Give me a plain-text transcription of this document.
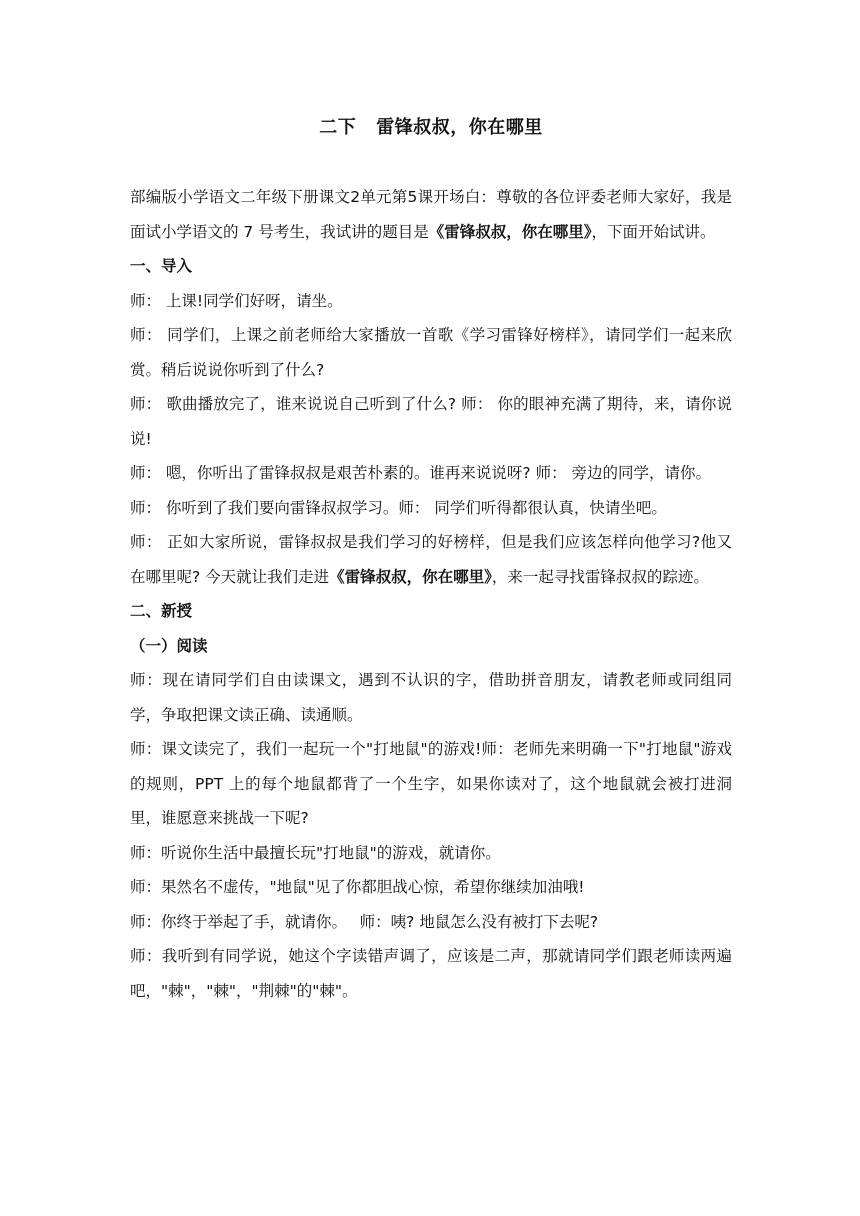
二下 雷锋叔叔，你在哪里

部编版小学语文二年级下册课文2单元第5课开场白：尊敬的各位评委老师大家好，我是面试小学语文的 7 号考生，我试讲的题目是《雷锋叔叔，你在哪里》，下面开始试讲。

一、导入

师： 上课!同学们好呀，请坐。

师： 同学们，上课之前老师给大家播放一首歌《学习雷锋好榜样》，请同学们一起来欣赏。稍后说说你听到了什么?

师： 歌曲播放完了，谁来说说自己听到了什么? 师： 你的眼神充满了期待，来，请你说说!

师： 嗯，你听出了雷锋叔叔是艰苦朴素的。谁再来说说呀? 师： 旁边的同学，请你。

师： 你听到了我们要向雷锋叔叔学习。师： 同学们听得都很认真，快请坐吧。

师： 正如大家所说，雷锋叔叔是我们学习的好榜样，但是我们应该怎样向他学习?他又在哪里呢? 今天就让我们走进《雷锋叔叔，你在哪里》，来一起寻找雷锋叔叔的踪迹。

二、新授

（一）阅读

师：现在请同学们自由读课文，遇到不认识的字，借助拼音朋友，请教老师或同组同学，争取把课文读正确、读通顺。

师：课文读完了，我们一起玩一个"打地鼠"的游戏!师：老师先来明确一下"打地鼠"游戏的规则，PPT 上的每个地鼠都背了一个生字，如果你读对了，这个地鼠就会被打进洞里，谁愿意来挑战一下呢?

师：听说你生活中最擅长玩"打地鼠"的游戏，就请你。

师：果然名不虚传，"地鼠"见了你都胆战心惊，希望你继续加油哦!

师：你终于举起了手，就请你。　 师：咦? 地鼠怎么没有被打下去呢?

师：我听到有同学说，她这个字读错声调了，应该是二声，那就请同学们跟老师读两遍吧，"棘"，"棘"，"荆棘"的"棘"。
